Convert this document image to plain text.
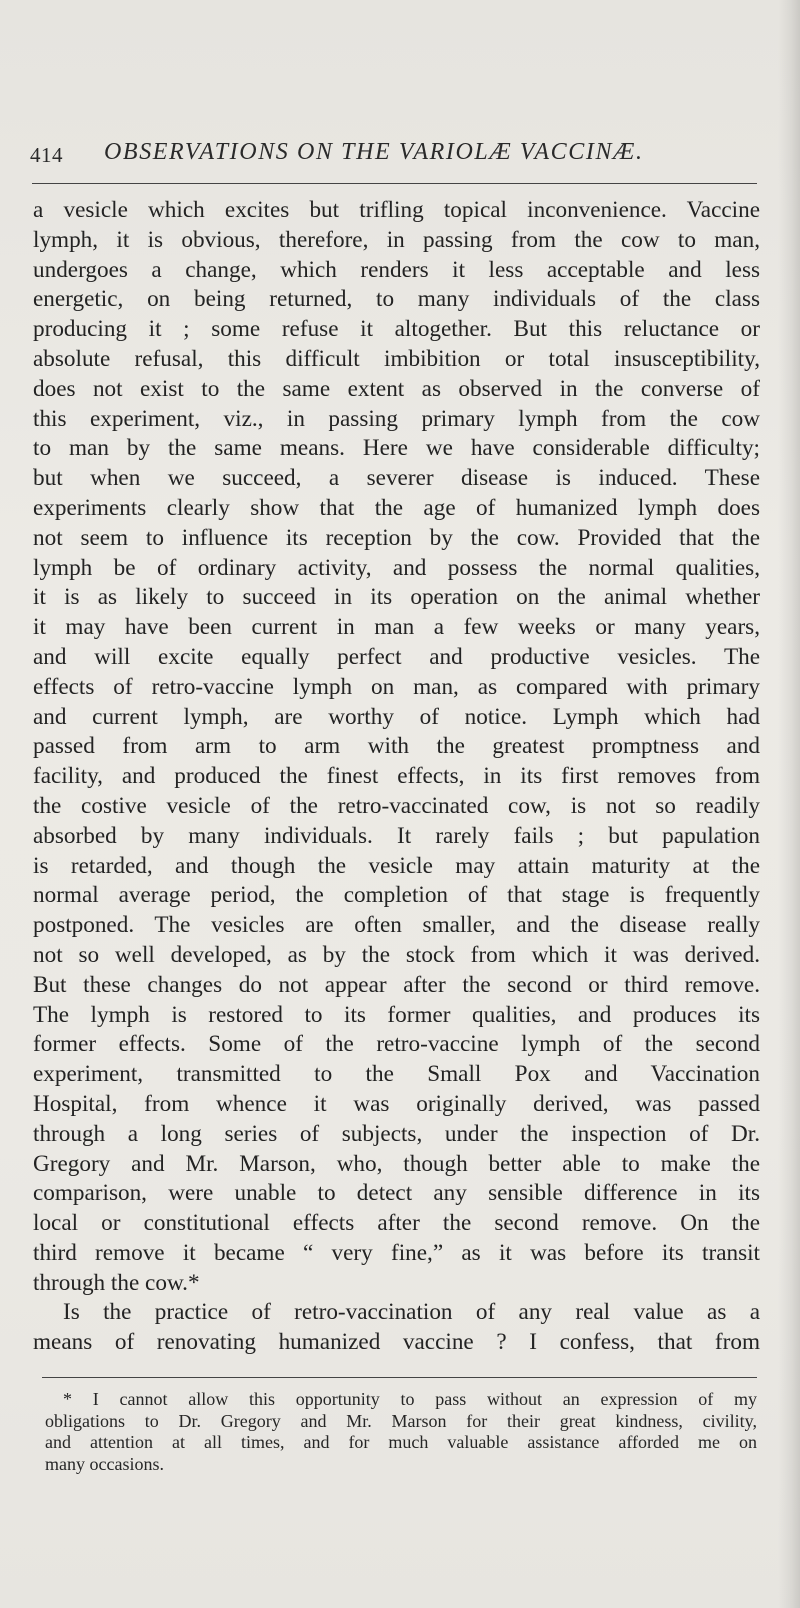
414 OBSERVATIONS ON THE VARIOLÆ VACCINÆ.
a vesicle which excites but trifling topical inconvenience. Vaccine
lymph, it is obvious, therefore, in passing from the cow to man,
undergoes a change, which renders it less acceptable and less
energetic, on being returned, to many individuals of the class
producing it ; some refuse it altogether. But this reluctance or
absolute refusal, this difficult imbibition or total insusceptibility,
does not exist to the same extent as observed in the converse of
this experiment, viz., in passing primary lymph from the cow
to man by the same means. Here we have considerable difficulty;
but when we succeed, a severer disease is induced. These
experiments clearly show that the age of humanized lymph does
not seem to influence its reception by the cow. Provided that the
lymph be of ordinary activity, and possess the normal qualities,
it is as likely to succeed in its operation on the animal whether
it may have been current in man a few weeks or many years,
and will excite equally perfect and productive vesicles. The
effects of retro-vaccine lymph on man, as compared with primary
and current lymph, are worthy of notice. Lymph which had
passed from arm to arm with the greatest promptness and
facility, and produced the finest effects, in its first removes from
the costive vesicle of the retro-vaccinated cow, is not so readily
absorbed by many individuals. It rarely fails ; but papulation
is retarded, and though the vesicle may attain maturity at the
normal average period, the completion of that stage is frequently
postponed. The vesicles are often smaller, and the disease really
not so well developed, as by the stock from which it was derived.
But these changes do not appear after the second or third remove.
The lymph is restored to its former qualities, and produces its
former effects. Some of the retro-vaccine lymph of the second
experiment, transmitted to the Small Pox and Vaccination
Hospital, from whence it was originally derived, was passed
through a long series of subjects, under the inspection of Dr.
Gregory and Mr. Marson, who, though better able to make the
comparison, were unable to detect any sensible difference in its
local or constitutional effects after the second remove. On the
third remove it became “ very fine,” as it was before its transit
through the cow.*
Is the practice of retro-vaccination of any real value as a
means of renovating humanized vaccine ? I confess, that from
* I cannot allow this opportunity to pass without an expression of my
obligations to Dr. Gregory and Mr. Marson for their great kindness, civility,
and attention at all times, and for much valuable assistance afforded me on
many occasions.
